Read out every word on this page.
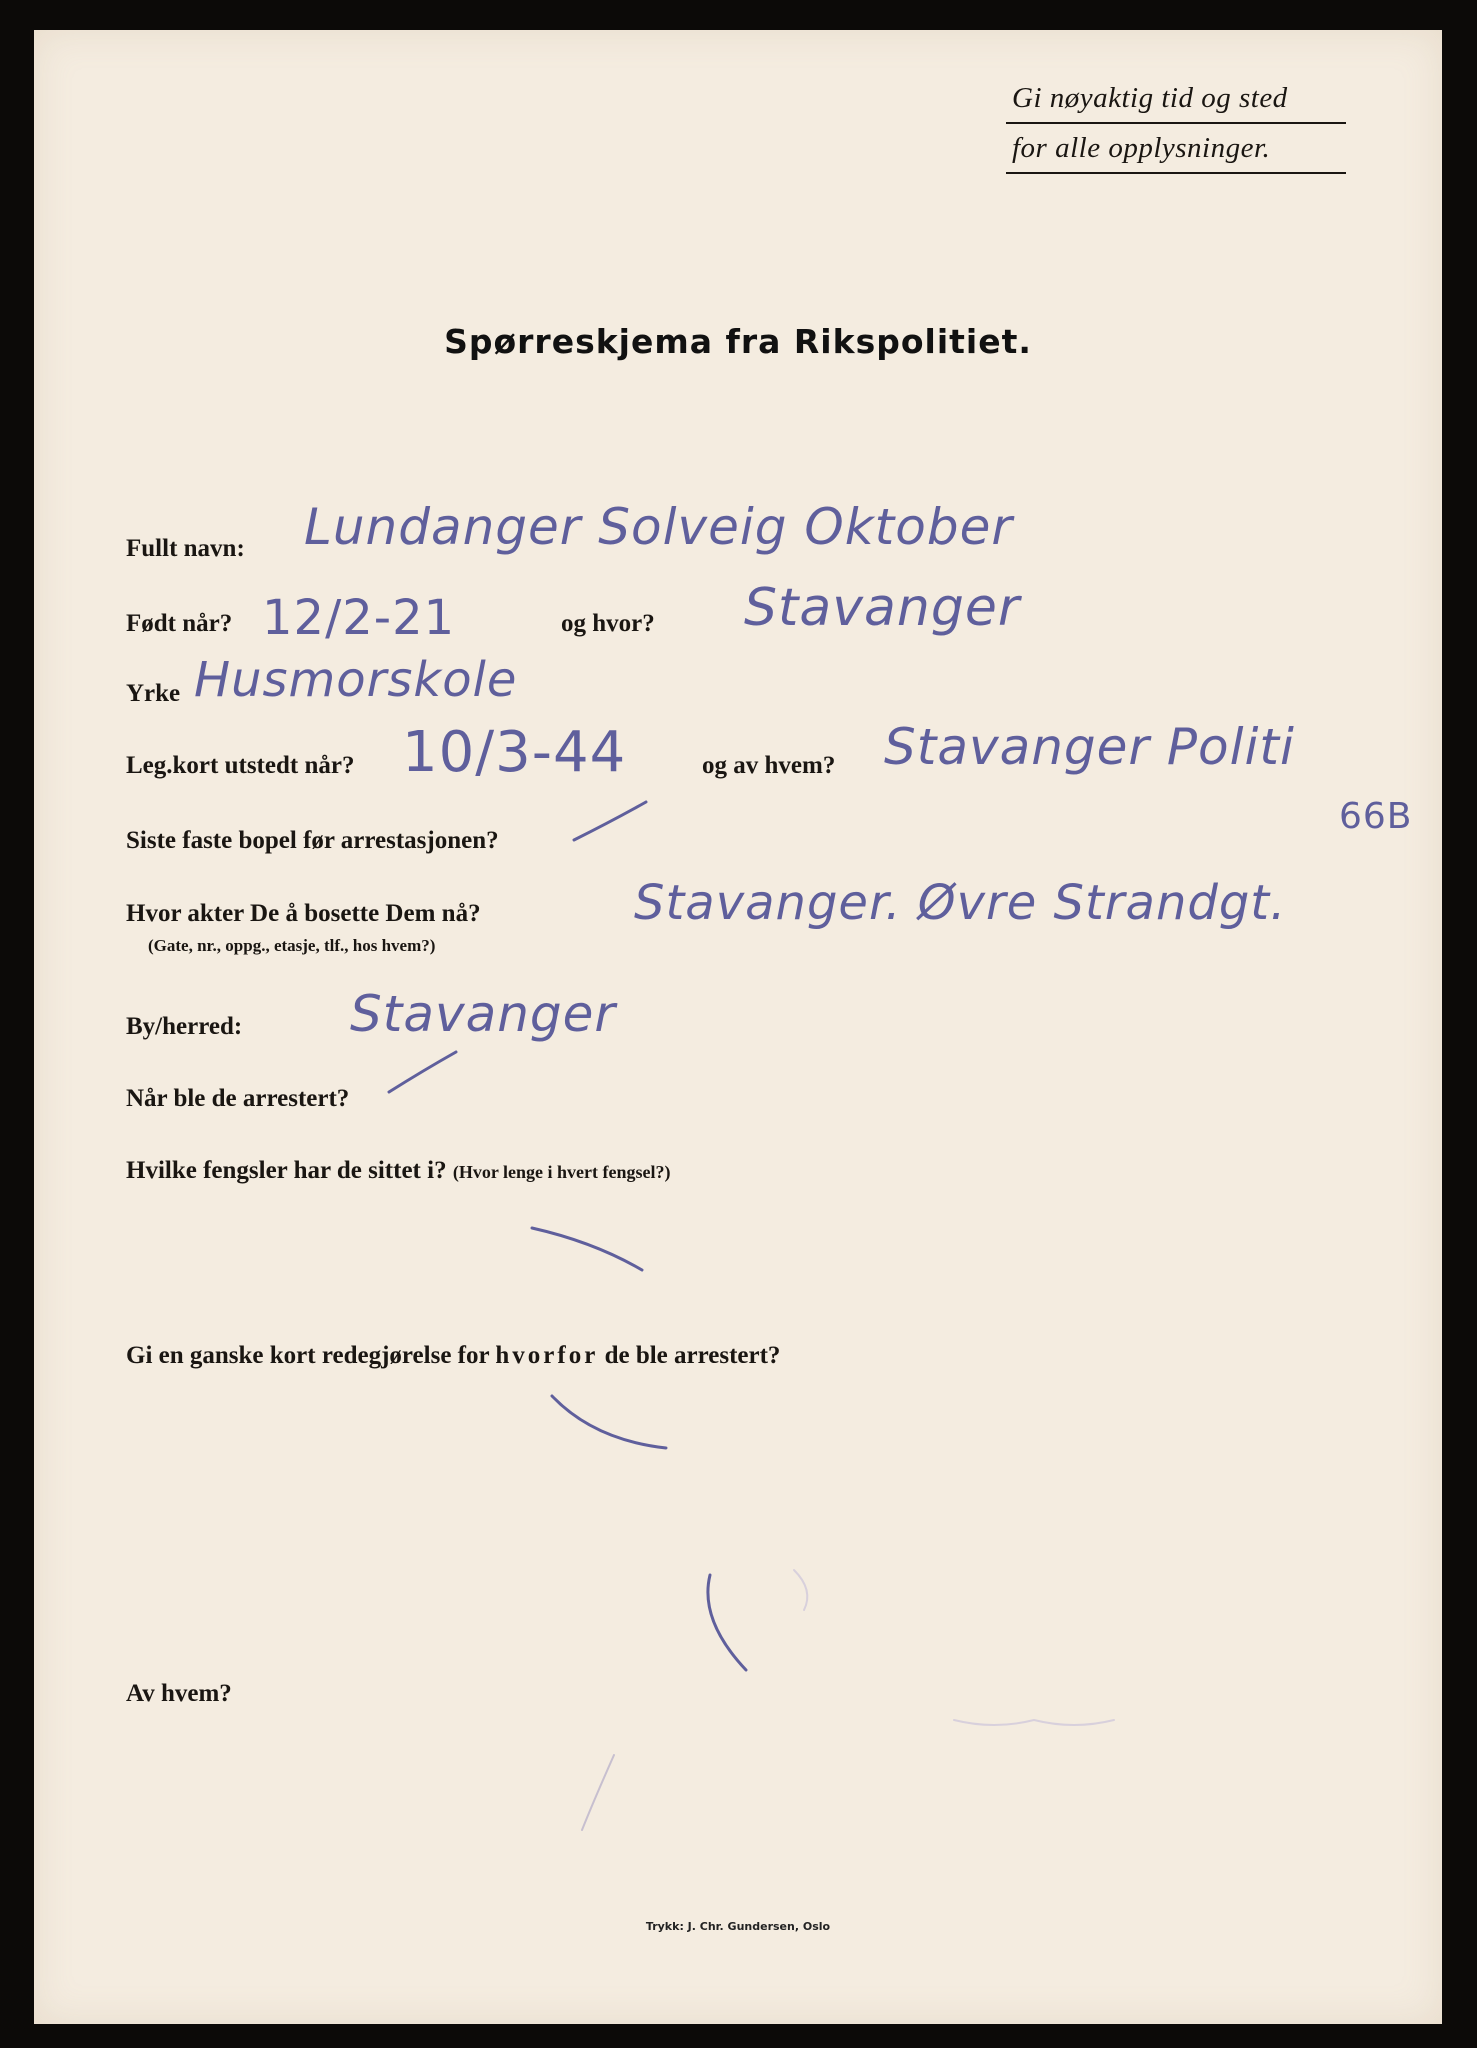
Gi nøyaktig tid og sted
for alle opplysninger.
Spørreskjema fra Rikspolitiet.
Fullt navn: Lundanger Solveig Oktober
Født når? 12/2-21	og hvor? Stavanger
Yrke Husmorskole
Leg.kort utstedt når? 10/3-44	og av hvem? Stavanger Politi
Siste faste bopel før arrestasjonen?
66B
Hvor akter De å bosette Dem nå?
(Gate, nr., oppg., etasje, tlf., hos hvem?)
Stavanger. Øvre Strandgt.
By/herred: Stavanger
Når ble de arrestert?
Hvilke fengsler har de sittet i? (Hvor lenge i hvert fengsel?)
Gi en ganske kort redegjørelse for hvorfor de ble arrestert?
Av hvem?
Trykk: J. Chr. Gundersen, Oslo
